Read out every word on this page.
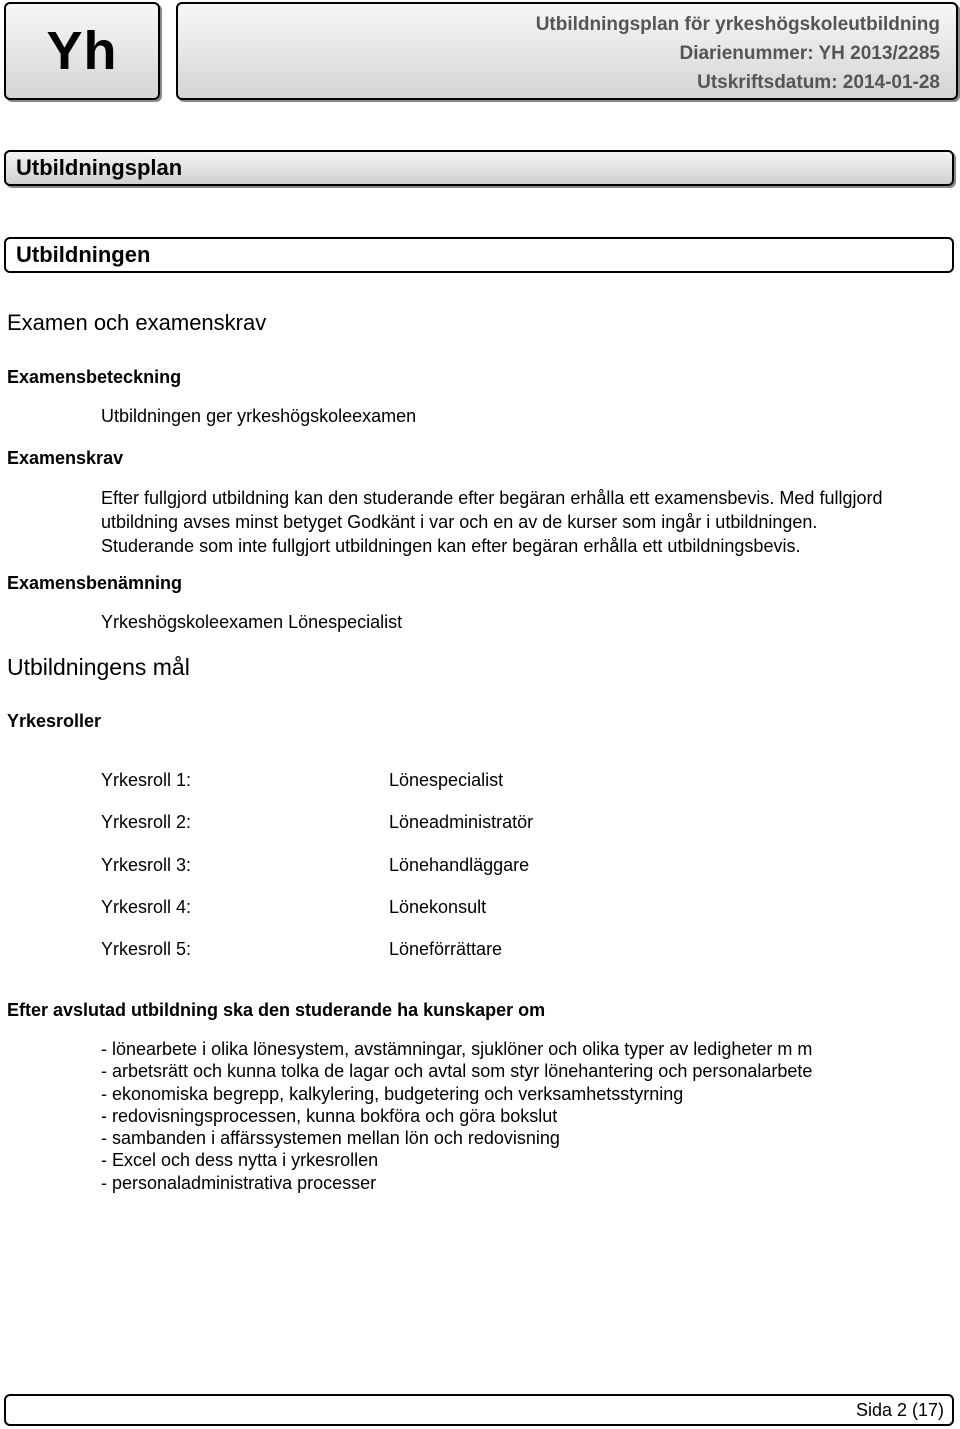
Yh	Utbildningsplan för yrkeshögskoleutbildning
Diarienummer: YH 2013/2285
Utskriftsdatum: 2014-01-28
Utbildningsplan
Utbildningen
Examen och examenskrav
Examensbeteckning
Utbildningen ger yrkeshögskoleexamen
Examenskrav
Efter fullgjord utbildning kan den studerande efter begäran erhålla ett examensbevis. Med fullgjord
utbildning avses minst betyget Godkänt i var och en av de kurser som ingår i utbildningen.
Studerande som inte fullgjort utbildningen kan efter begäran erhålla ett utbildningsbevis.
Examensbenämning
Yrkeshögskoleexamen Lönespecialist
Utbildningens mål
Yrkesroller
Yrkesroll 1:	Lönespecialist
Yrkesroll 2:	Löneadministratör
Yrkesroll 3:	Lönehandläggare
Yrkesroll 4:	Lönekonsult
Yrkesroll 5:	Löneförrättare
Efter avslutad utbildning ska den studerande ha kunskaper om
- lönearbete i olika lönesystem, avstämningar, sjuklöner och olika typer av ledigheter m m
- arbetsrätt och kunna tolka de lagar och avtal som styr lönehantering och personalarbete
- ekonomiska begrepp, kalkylering, budgetering och verksamhetsstyrning
- redovisningsprocessen, kunna bokföra och göra bokslut
- sambanden i affärssystemen mellan lön och redovisning
- Excel och dess nytta i yrkesrollen
- personaladministrativa processer
Sida 2 (17)
